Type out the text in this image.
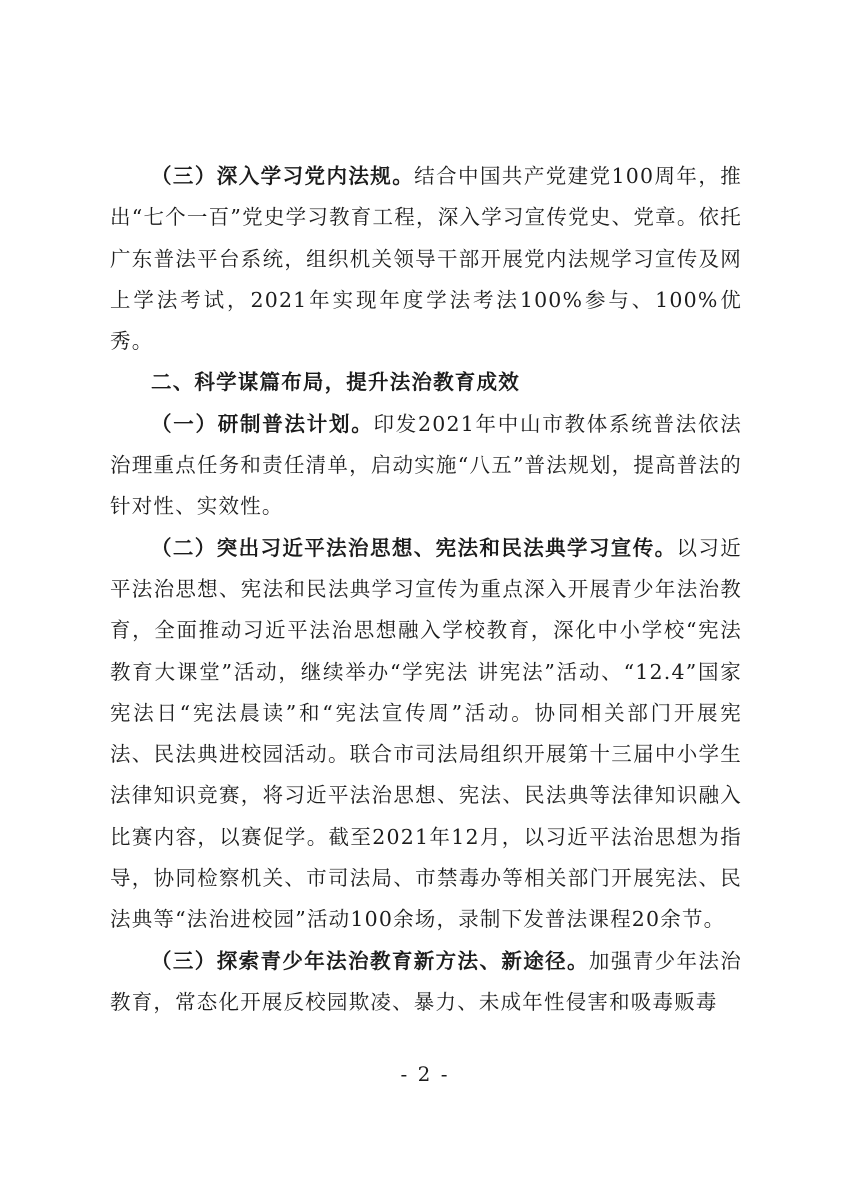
（三）深入学习党内法规。结合中国共产党建党100周年，推出“七个一百”党史学习教育工程，深入学习宣传党史、党章。依托广东普法平台系统，组织机关领导干部开展党内法规学习宣传及网上学法考试，2021年实现年度学法考法100%参与、100%优秀。

二、科学谋篇布局，提升法治教育成效

（一）研制普法计划。印发2021年中山市教体系统普法依法治理重点任务和责任清单，启动实施“八五”普法规划，提高普法的针对性、实效性。

（二）突出习近平法治思想、宪法和民法典学习宣传。以习近平法治思想、宪法和民法典学习宣传为重点深入开展青少年法治教育，全面推动习近平法治思想融入学校教育，深化中小学校“宪法教育大课堂”活动，继续举办“学宪法 讲宪法”活动、“12.4”国家宪法日“宪法晨读”和“宪法宣传周”活动。协同相关部门开展宪法、民法典进校园活动。联合市司法局组织开展第十三届中小学生法律知识竞赛，将习近平法治思想、宪法、民法典等法律知识融入比赛内容，以赛促学。截至2021年12月，以习近平法治思想为指导，协同检察机关、市司法局、市禁毒办等相关部门开展宪法、民法典等“法治进校园”活动100余场，录制下发普法课程20余节。

（三）探索青少年法治教育新方法、新途径。加强青少年法治教育，常态化开展反校园欺凌、暴力、未成年性侵害和吸毒贩毒

- 2 -
